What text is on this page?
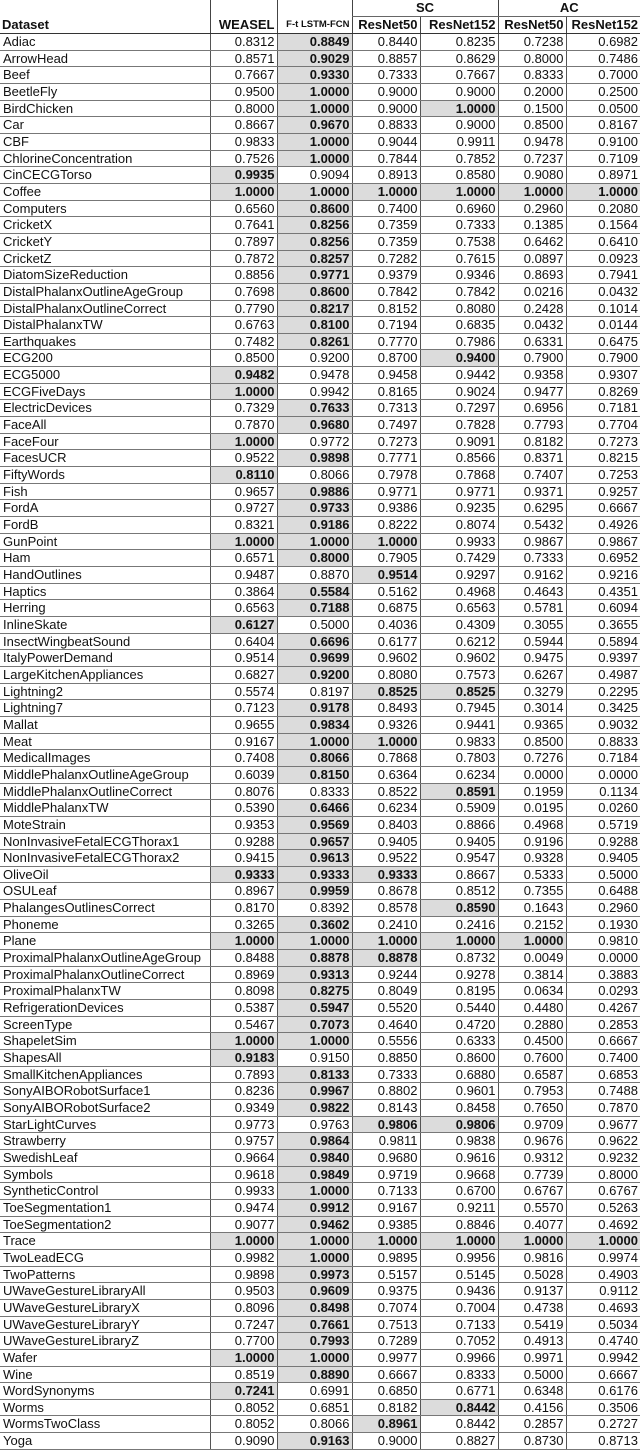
			SC		AC	
Dataset	WEASEL	F-t LSTM-FCN	ResNet50	ResNet152	ResNet50	ResNet152
Adiac	0.8312	0.8849	0.8440	0.8235	0.7238	0.6982
ArrowHead	0.8571	0.9029	0.8857	0.8629	0.8000	0.7486
Beef	0.7667	0.9330	0.7333	0.7667	0.8333	0.7000
BeetleFly	0.9500	1.0000	0.9000	0.9000	0.2000	0.2500
BirdChicken	0.8000	1.0000	0.9000	1.0000	0.1500	0.0500
Car	0.8667	0.9670	0.8833	0.9000	0.8500	0.8167
CBF	0.9833	1.0000	0.9044	0.9911	0.9478	0.9100
ChlorineConcentration	0.7526	1.0000	0.7844	0.7852	0.7237	0.7109
CinCECGTorso	0.9935	0.9094	0.8913	0.8580	0.9080	0.8971
Coffee	1.0000	1.0000	1.0000	1.0000	1.0000	1.0000
Computers	0.6560	0.8600	0.7400	0.6960	0.2960	0.2080
CricketX	0.7641	0.8256	0.7359	0.7333	0.1385	0.1564
CricketY	0.7897	0.8256	0.7359	0.7538	0.6462	0.6410
CricketZ	0.7872	0.8257	0.7282	0.7615	0.0897	0.0923
DiatomSizeReduction	0.8856	0.9771	0.9379	0.9346	0.8693	0.7941
DistalPhalanxOutlineAgeGroup	0.7698	0.8600	0.7842	0.7842	0.0216	0.0432
DistalPhalanxOutlineCorrect	0.7790	0.8217	0.8152	0.8080	0.2428	0.1014
DistalPhalanxTW	0.6763	0.8100	0.7194	0.6835	0.0432	0.0144
Earthquakes	0.7482	0.8261	0.7770	0.7986	0.6331	0.6475
ECG200	0.8500	0.9200	0.8700	0.9400	0.7900	0.7900
ECG5000	0.9482	0.9478	0.9458	0.9442	0.9358	0.9307
ECGFiveDays	1.0000	0.9942	0.8165	0.9024	0.9477	0.8269
ElectricDevices	0.7329	0.7633	0.7313	0.7297	0.6956	0.7181
FaceAll	0.7870	0.9680	0.7497	0.7828	0.7793	0.7704
FaceFour	1.0000	0.9772	0.7273	0.9091	0.8182	0.7273
FacesUCR	0.9522	0.9898	0.7771	0.8566	0.8371	0.8215
FiftyWords	0.8110	0.8066	0.7978	0.7868	0.7407	0.7253
Fish	0.9657	0.9886	0.9771	0.9771	0.9371	0.9257
FordA	0.9727	0.9733	0.9386	0.9235	0.6295	0.6667
FordB	0.8321	0.9186	0.8222	0.8074	0.5432	0.4926
GunPoint	1.0000	1.0000	1.0000	0.9933	0.9867	0.9867
Ham	0.6571	0.8000	0.7905	0.7429	0.7333	0.6952
HandOutlines	0.9487	0.8870	0.9514	0.9297	0.9162	0.9216
Haptics	0.3864	0.5584	0.5162	0.4968	0.4643	0.4351
Herring	0.6563	0.7188	0.6875	0.6563	0.5781	0.6094
InlineSkate	0.6127	0.5000	0.4036	0.4309	0.3055	0.3655
InsectWingbeatSound	0.6404	0.6696	0.6177	0.6212	0.5944	0.5894
ItalyPowerDemand	0.9514	0.9699	0.9602	0.9602	0.9475	0.9397
LargeKitchenAppliances	0.6827	0.9200	0.8080	0.7573	0.6267	0.4987
Lightning2	0.5574	0.8197	0.8525	0.8525	0.3279	0.2295
Lightning7	0.7123	0.9178	0.8493	0.7945	0.3014	0.3425
Mallat	0.9655	0.9834	0.9326	0.9441	0.9365	0.9032
Meat	0.9167	1.0000	1.0000	0.9833	0.8500	0.8833
MedicalImages	0.7408	0.8066	0.7868	0.7803	0.7276	0.7184
MiddlePhalanxOutlineAgeGroup	0.6039	0.8150	0.6364	0.6234	0.0000	0.0000
MiddlePhalanxOutlineCorrect	0.8076	0.8333	0.8522	0.8591	0.1959	0.1134
MiddlePhalanxTW	0.5390	0.6466	0.6234	0.5909	0.0195	0.0260
MoteStrain	0.9353	0.9569	0.8403	0.8866	0.4968	0.5719
NonInvasiveFetalECGThorax1	0.9288	0.9657	0.9405	0.9405	0.9196	0.9288
NonInvasiveFetalECGThorax2	0.9415	0.9613	0.9522	0.9547	0.9328	0.9405
OliveOil	0.9333	0.9333	0.9333	0.8667	0.5333	0.5000
OSULeaf	0.8967	0.9959	0.8678	0.8512	0.7355	0.6488
PhalangesOutlinesCorrect	0.8170	0.8392	0.8578	0.8590	0.1643	0.2960
Phoneme	0.3265	0.3602	0.2410	0.2416	0.2152	0.1930
Plane	1.0000	1.0000	1.0000	1.0000	1.0000	0.9810
ProximalPhalanxOutlineAgeGroup	0.8488	0.8878	0.8878	0.8732	0.0049	0.0000
ProximalPhalanxOutlineCorrect	0.8969	0.9313	0.9244	0.9278	0.3814	0.3883
ProximalPhalanxTW	0.8098	0.8275	0.8049	0.8195	0.0634	0.0293
RefrigerationDevices	0.5387	0.5947	0.5520	0.5440	0.4480	0.4267
ScreenType	0.5467	0.7073	0.4640	0.4720	0.2880	0.2853
ShapeletSim	1.0000	1.0000	0.5556	0.6333	0.4500	0.6667
ShapesAll	0.9183	0.9150	0.8850	0.8600	0.7600	0.7400
SmallKitchenAppliances	0.7893	0.8133	0.7333	0.6880	0.6587	0.6853
SonyAIBORobotSurface1	0.8236	0.9967	0.8802	0.9601	0.7953	0.7488
SonyAIBORobotSurface2	0.9349	0.9822	0.8143	0.8458	0.7650	0.7870
StarLightCurves	0.9773	0.9763	0.9806	0.9806	0.9709	0.9677
Strawberry	0.9757	0.9864	0.9811	0.9838	0.9676	0.9622
SwedishLeaf	0.9664	0.9840	0.9680	0.9616	0.9312	0.9232
Symbols	0.9618	0.9849	0.9719	0.9668	0.7739	0.8000
SyntheticControl	0.9933	1.0000	0.7133	0.6700	0.6767	0.6767
ToeSegmentation1	0.9474	0.9912	0.9167	0.9211	0.5570	0.5263
ToeSegmentation2	0.9077	0.9462	0.9385	0.8846	0.4077	0.4692
Trace	1.0000	1.0000	1.0000	1.0000	1.0000	1.0000
TwoLeadECG	0.9982	1.0000	0.9895	0.9956	0.9816	0.9974
TwoPatterns	0.9898	0.9973	0.5157	0.5145	0.5028	0.4903
UWaveGestureLibraryAll	0.9503	0.9609	0.9375	0.9436	0.9137	0.9112
UWaveGestureLibraryX	0.8096	0.8498	0.7074	0.7004	0.4738	0.4693
UWaveGestureLibraryY	0.7247	0.7661	0.7513	0.7133	0.5419	0.5034
UWaveGestureLibraryZ	0.7700	0.7993	0.7289	0.7052	0.4913	0.4740
Wafer	1.0000	1.0000	0.9977	0.9966	0.9971	0.9942
Wine	0.8519	0.8890	0.6667	0.8333	0.5000	0.6667
WordSynonyms	0.7241	0.6991	0.6850	0.6771	0.6348	0.6176
Worms	0.8052	0.6851	0.8182	0.8442	0.4156	0.3506
WormsTwoClass	0.8052	0.8066	0.8961	0.8442	0.2857	0.2727
Yoga	0.9090	0.9163	0.9000	0.8827	0.8730	0.8713
